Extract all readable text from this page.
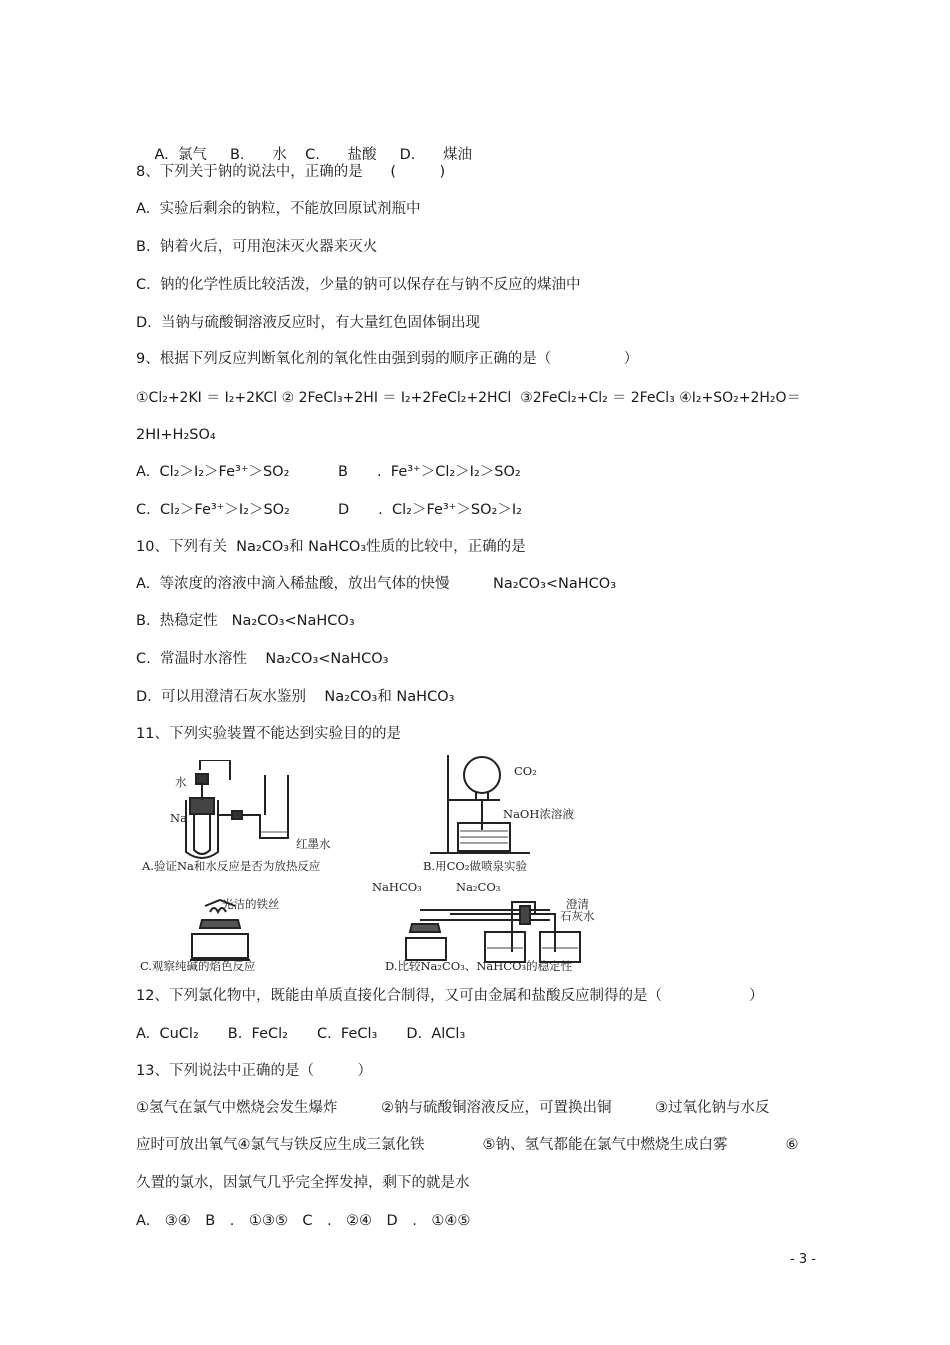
A. 氯气 B. 水 C. 盐酸 D. 煤油

8、下列关于钠的说法中，正确的是 (　　　)
A.  实验后剩余的钠粒，不能放回原试剂瓶中
B.  钠着火后，可用泡沫灭火器来灭火
C.  钠的化学性质比较活泼，少量的钠可以保存在与钠不反应的煤油中
D.  当钠与硫酸铜溶液反应时，有大量红色固体铜出现
9、根据下列反应判断氧化剂的氧化性由强到弱的顺序正确的是（　　　　　）
①Cl₂+2KI ＝ I₂+2KCl ② 2FeCl₃+2HI ＝ I₂+2FeCl₂+2HCl  ③2FeCl₂+Cl₂ ＝ 2FeCl₃ ④I₂+SO₂+2H₂O＝
2HI+H₂SO₄
A.  Cl₂＞I₂＞Fe³⁺＞SO₂	B　　.  Fe³⁺＞Cl₂＞I₂＞SO₂
C.  Cl₂＞Fe³⁺＞I₂＞SO₂	D　　.  Cl₂＞Fe³⁺＞SO₂＞I₂
10、下列有关  Na₂CO₃和 NaHCO₃性质的比较中，正确的是
A.  等浓度的溶液中滴入稀盐酸，放出气体的快慢　　　Na₂CO₃<NaHCO₃
B.  热稳定性   Na₂CO₃<NaHCO₃
C.  常温时水溶性    Na₂CO₃<NaHCO₃
D.  可以用澄清石灰水鉴别    Na₂CO₃和 NaHCO₃
11、下列实验装置不能达到实验目的的是
水
Na
红墨水
A.验证Na和水反应是否为放热反应
CO₂
NaOH浓溶液
B.用CO₂做喷泉实验
光洁的铁丝
C.观察纯碱的焰色反应
NaHCO₃	Na₂CO₃
澄清
石灰水
D.比较Na₂CO₃、NaHCO₃的稳定性
12、下列氯化物中，既能由单质直接化合制得，又可由金属和盐酸反应制得的是（　　　　　　）
A.  CuCl₂　　B.  FeCl₂　　C.  FeCl₃　　D.  AlCl₃
13、下列说法中正确的是（　　　）
①氢气在氯气中燃烧会发生爆炸　　　②钠与硫酸铜溶液反应，可置换出铜　　　③过氧化钠与水反
应时可放出氧气④氯气与铁反应生成三氯化铁　　　　⑤钠、氢气都能在氯气中燃烧生成白雾　　　　⑥
久置的氯水，因氯气几乎完全挥发掉，剩下的就是水
A.　③④　B　.　①③⑤　C　.　②④　D　.　①④⑤
- 3 -
